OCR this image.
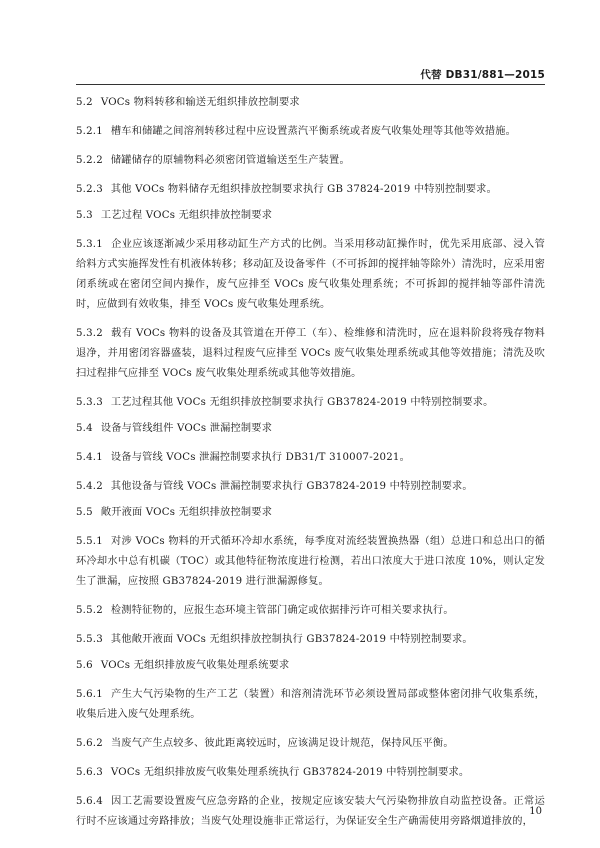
代替 DB31/881—2015
5.2 VOCs 物料转移和输送无组织排放控制要求
5.2.1 槽车和储罐之间溶剂转移过程中应设置蒸汽平衡系统或者废气收集处理等其他等效措施。
5.2.2 储罐储存的原辅物料必须密闭管道输送至生产装置。
5.2.3 其他 VOCs 物料储存无组织排放控制要求执行 GB 37824-2019 中特别控制要求。
5.3 工艺过程 VOCs 无组织排放控制要求
5.3.1 企业应该逐渐减少采用移动缸生产方式的比例。当采用移动缸操作时，优先采用底部、浸入管给料方式实施挥发性有机液体转移；移动缸及设备零件（不可拆卸的搅拌轴等除外）清洗时，应采用密闭系统或在密闭空间内操作，废气应排至 VOCs 废气收集处理系统；不可拆卸的搅拌轴等部件清洗时，应做到有效收集，排至 VOCs 废气收集处理系统。
5.3.2 载有 VOCs 物料的设备及其管道在开停工（车）、检维修和清洗时，应在退料阶段将残存物料退净，并用密闭容器盛装，退料过程废气应排至 VOCs 废气收集处理系统或其他等效措施；清洗及吹扫过程排气应排至 VOCs 废气收集处理系统或其他等效措施。
5.3.3 工艺过程其他 VOCs 无组织排放控制要求执行 GB37824-2019 中特别控制要求。
5.4 设备与管线组件 VOCs 泄漏控制要求
5.4.1 设备与管线 VOCs 泄漏控制要求执行 DB31/T 310007-2021。
5.4.2 其他设备与管线 VOCs 泄漏控制要求执行 GB37824-2019 中特别控制要求。
5.5 敞开液面 VOCs 无组织排放控制要求
5.5.1 对涉 VOCs 物料的开式循环冷却水系统，每季度对流经装置换热器（组）总进口和总出口的循环冷却水中总有机碳（TOC）或其他特征物浓度进行检测，若出口浓度大于进口浓度 10%，则认定发生了泄漏，应按照 GB37824-2019 进行泄漏源修复。
5.5.2 检测特征物的，应报生态环境主管部门确定或依据排污许可相关要求执行。
5.5.3 其他敞开液面 VOCs 无组织排放控制执行 GB37824-2019 中特别控制要求。
5.6 VOCs 无组织排放废气收集处理系统要求
5.6.1 产生大气污染物的生产工艺（装置）和溶剂清洗环节必须设置局部或整体密闭排气收集系统，收集后进入废气处理系统。
5.6.2 当废气产生点较多、彼此距离较远时，应该满足设计规范，保持风压平衡。
5.6.3 VOCs 无组织排放废气收集处理系统执行 GB37824-2019 中特别控制要求。
5.6.4 因工艺需要设置废气应急旁路的企业，按规定应该安装大气污染物排放自动监控设备。正常运行时不应该通过旁路排放；当废气处理设施非正常运行，为保证安全生产确需使用旁路烟道排放的，
10
